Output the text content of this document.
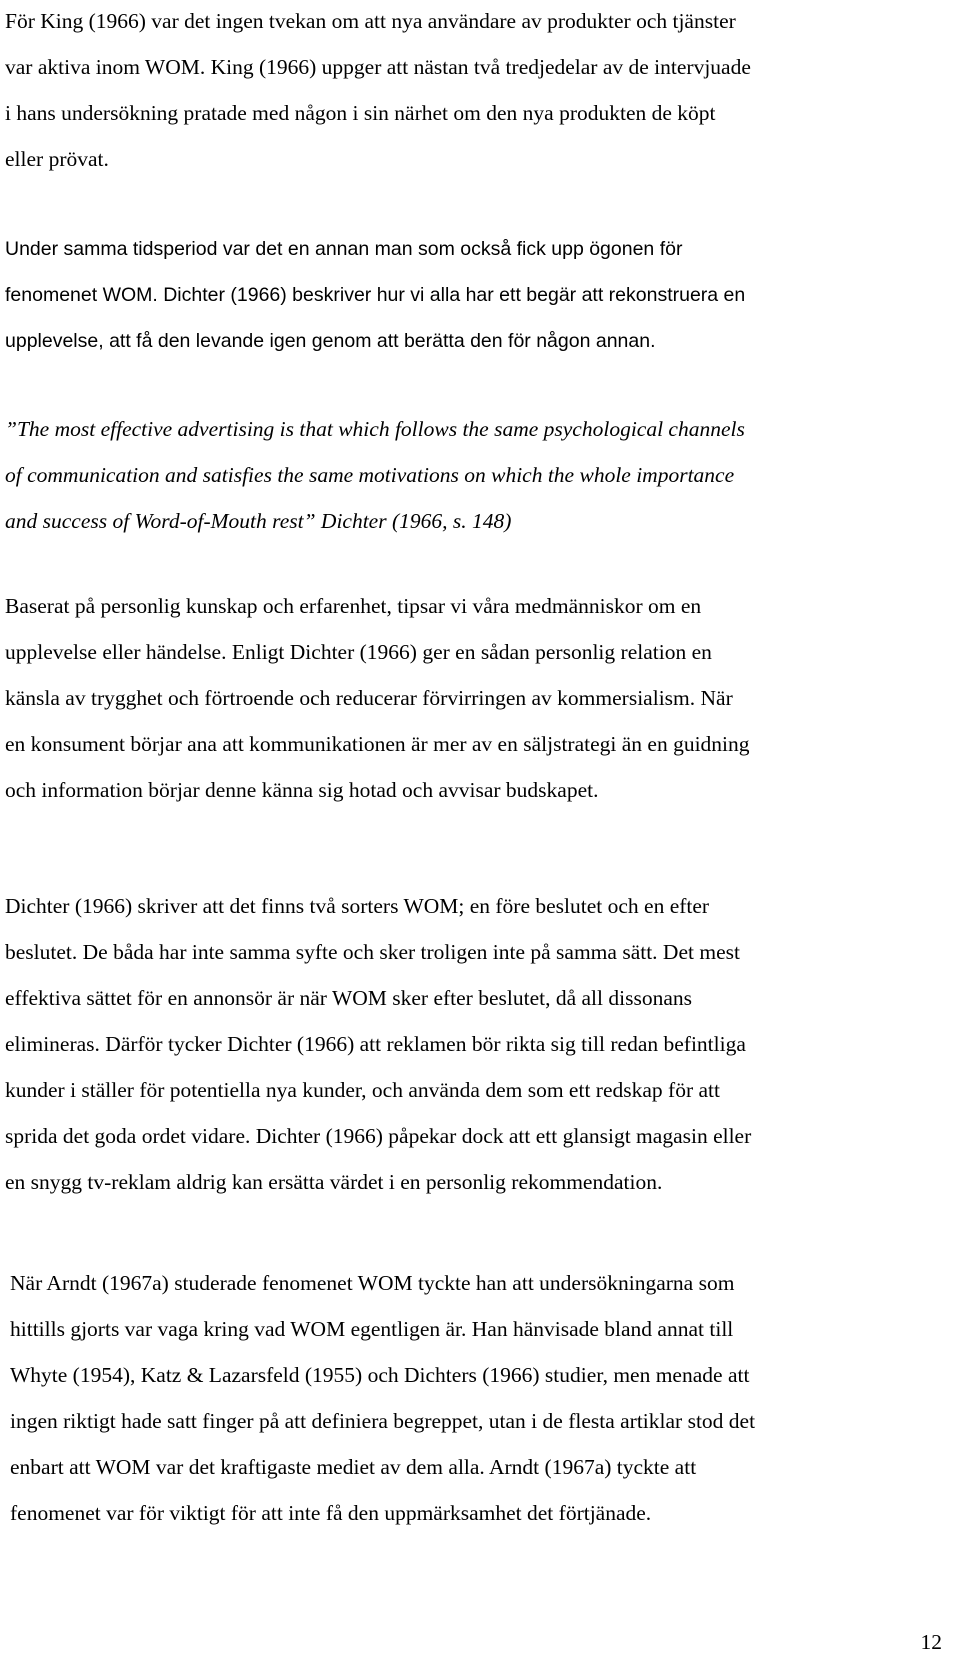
För King (1966) var det ingen tvekan om att nya användare av produkter och tjänster
var aktiva inom WOM. King (1966) uppger att nästan två tredjedelar av de intervjuade
i hans undersökning pratade med någon i sin närhet om den nya produkten de köpt
eller prövat.

Under samma tidsperiod var det en annan man som också fick upp ögonen för
fenomenet WOM. Dichter (1966) beskriver hur vi alla har ett begär att rekonstruera en
upplevelse, att få den levande igen genom att berätta den för någon annan.

”The most effective advertising is that which follows the same psychological channels
of communication and satisfies the same motivations on which the whole importance
and success of Word-of-Mouth rest” Dichter (1966, s. 148)

Baserat på personlig kunskap och erfarenhet, tipsar vi våra medmänniskor om en
upplevelse eller händelse. Enligt Dichter (1966) ger en sådan personlig relation en
känsla av trygghet och förtroende och reducerar förvirringen av kommersialism. När
en konsument börjar ana att kommunikationen är mer av en säljstrategi än en guidning
och information börjar denne känna sig hotad och avvisar budskapet.

Dichter (1966) skriver att det finns två sorters WOM; en före beslutet och en efter
beslutet. De båda har inte samma syfte och sker troligen inte på samma sätt. Det mest
effektiva sättet för en annonsör är när WOM sker efter beslutet, då all dissonans
elimineras. Därför tycker Dichter (1966) att reklamen bör rikta sig till redan befintliga
kunder i ställer för potentiella nya kunder, och använda dem som ett redskap för att
sprida det goda ordet vidare. Dichter (1966) påpekar dock att ett glansigt magasin eller
en snygg tv-reklam aldrig kan ersätta värdet i en personlig rekommendation.

När Arndt (1967a) studerade fenomenet WOM tyckte han att undersökningarna som
hittills gjorts var vaga kring vad WOM egentligen är. Han hänvisade bland annat till
Whyte (1954), Katz & Lazarsfeld (1955) och Dichters (1966) studier, men menade att
ingen riktigt hade satt finger på att definiera begreppet, utan i de flesta artiklar stod det
enbart att WOM var det kraftigaste mediet av dem alla. Arndt (1967a) tyckte att
fenomenet var för viktigt för att inte få den uppmärksamhet det förtjänade.

12
